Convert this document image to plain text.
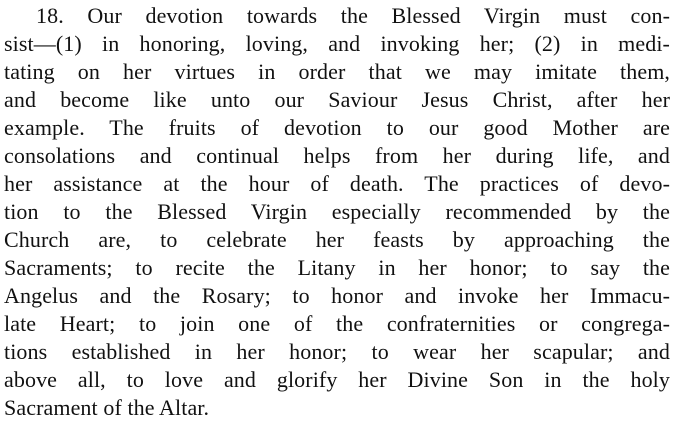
18. Our devotion towards the Blessed Virgin must con-
sist—(1) in honoring, loving, and invoking her; (2) in medi-
tating on her virtues in order that we may imitate them,
and become like unto our Saviour Jesus Christ, after her
example. The fruits of devotion to our good Mother are
consolations and continual helps from her during life, and
her assistance at the hour of death. The practices of devo-
tion to the Blessed Virgin especially recommended by the
Church are, to celebrate her feasts by approaching the
Sacraments; to recite the Litany in her honor; to say the
Angelus and the Rosary; to honor and invoke her Immacu-
late Heart; to join one of the confraternities or congrega-
tions established in her honor; to wear her scapular; and
above all, to love and glorify her Divine Son in the holy
Sacrament of the Altar.
